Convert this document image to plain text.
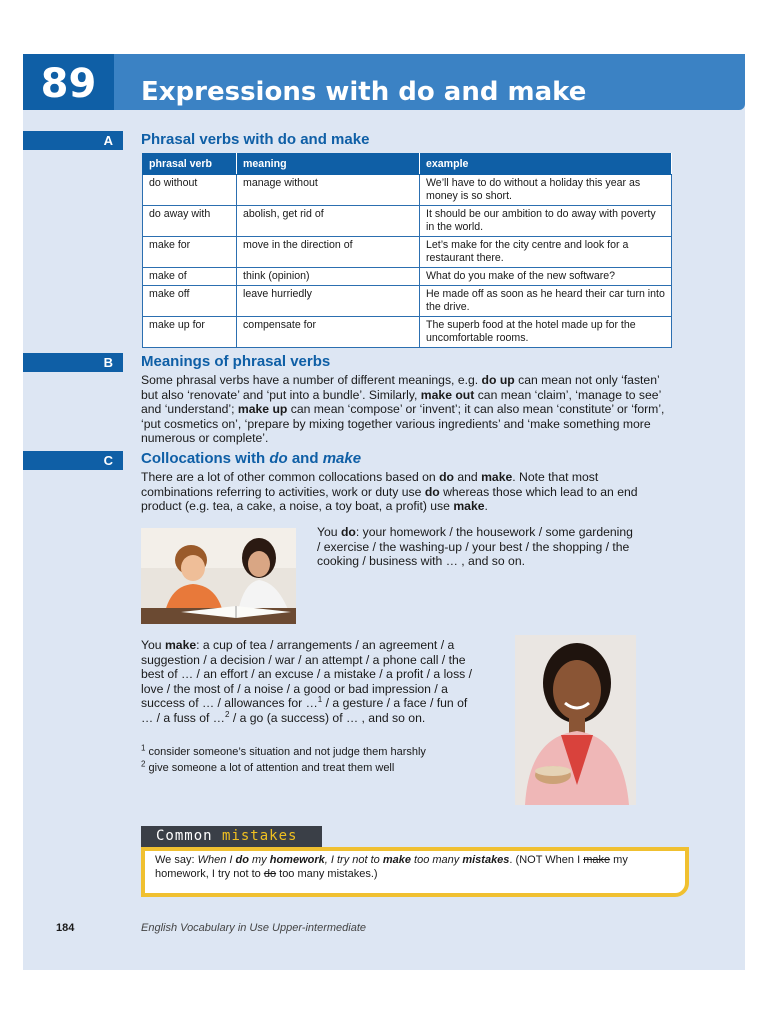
89	Expressions with do and make
A	Phrasal verbs with do and make
phrasal verb	meaning	example
do without	manage without	We’ll have to do without a holiday this year as money is so short.
do away with	abolish, get rid of	It should be our ambition to do away with poverty in the world.
make for	move in the direction of	Let’s make for the city centre and look for a restaurant there.
make of	think (opinion)	What do you make of the new software?
make off	leave hurriedly	He made off as soon as he heard their car turn into the drive.
make up for	compensate for	The superb food at the hotel made up for the uncomfortable rooms.
B	Meanings of phrasal verbs
Some phrasal verbs have a number of different meanings, e.g. do up can mean not only ‘fasten’ but also ‘renovate’ and ‘put into a bundle’. Similarly, make out can mean ‘claim’, ‘manage to see’ and ‘understand’; make up can mean ‘compose’ or ‘invent’; it can also mean ‘constitute’ or ‘form’, ‘put cosmetics on’, ‘prepare by mixing together various ingredients’ and ‘make something more numerous or complete’.
C	Collocations with do and make
There are a lot of other common collocations based on do and make. Note that most combinations referring to activities, work or duty use do whereas those which lead to an end product (e.g. tea, a cake, a noise, a toy boat, a profit) use make.
You do: your homework / the housework / some gardening / exercise / the washing-up / your best / the shopping / the cooking / business with … , and so on.
You make: a cup of tea / arrangements / an agreement / a suggestion / a decision / war / an attempt / a phone call / the best of … / an effort / an excuse / a mistake / a profit / a loss / love / the most of / a noise / a good or bad impression / a success of … / allowances for …$^1$ / a gesture / a face / fun of … / a fuss of …$^2$ / a go (a success) of … , and so on.
$^1$ consider someone’s situation and not judge them harshly
$^2$ give someone a lot of attention and treat them well
Common mistakes
We say: When I do my homework, I try not to make too many mistakes. (NOT When I make my homework, I try not to do too many mistakes.)
184	English Vocabulary in Use Upper-intermediate
